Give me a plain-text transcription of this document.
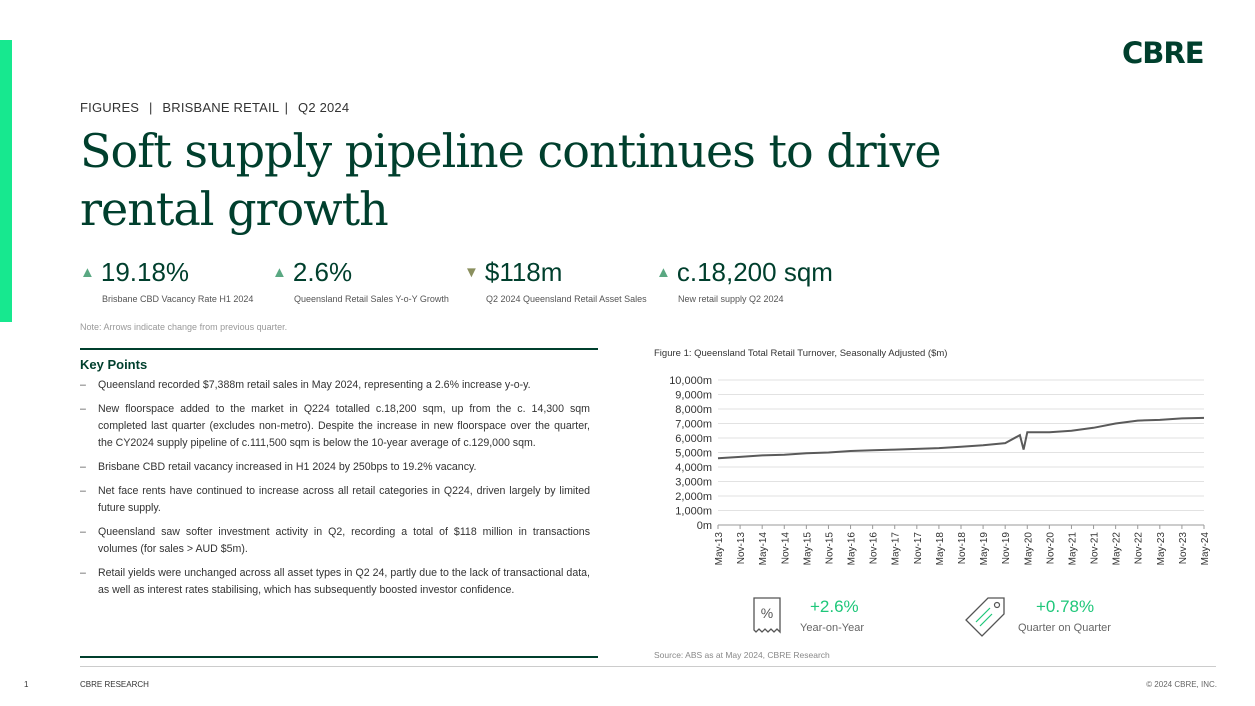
CBRE
FIGURES | BRISBANE RETAIL | Q2 2024
Soft supply pipeline continues to drive rental growth
▲ 19.18%
Brisbane CBD Vacancy Rate H1 2024
▲ 2.6%
Queensland Retail Sales Y-o-Y Growth
▼ $118m
Q2 2024 Queensland Retail Asset Sales
▲ c.18,200 sqm
New retail supply Q2 2024
Note: Arrows indicate change from previous quarter.
Key Points
– Queensland recorded $7,388m retail sales in May 2024, representing a 2.6% increase y-o-y.
– New floorspace added to the market in Q224 totalled c.18,200 sqm, up from the c. 14,300 sqm completed last quarter (excludes non-metro). Despite the increase in new floorspace over the quarter, the CY2024 supply pipeline of c.111,500 sqm is below the 10-year average of c.129,000 sqm.
– Brisbane CBD retail vacancy increased in H1 2024 by 250bps to 19.2% vacancy.
– Net face rents have continued to increase across all retail categories in Q224, driven largely by limited future supply.
– Queensland saw softer investment activity in Q2, recording a total of $118 million in transactions volumes (for sales > AUD $5m).
– Retail yields were unchanged across all asset types in Q2 24, partly due to the lack of transactional data, as well as interest rates stabilising, which has subsequently boosted investor confidence.
Figure 1: Queensland Total Retail Turnover, Seasonally Adjusted ($m)
0m
1,000m
2,000m
3,000m
4,000m
5,000m
6,000m
7,000m
8,000m
9,000m
10,000m
May-13 Nov-13 May-14 Nov-14 May-15 Nov-15 May-16 Nov-16 May-17 Nov-17 May-18 Nov-18 May-19 Nov-19 May-20 Nov-20 May-21 Nov-21 May-22 Nov-22 May-23 Nov-23 May-24
% +2.6%
Year-on-Year
+0.78%
Quarter on Quarter
Source: ABS as at May 2024, CBRE Research
1	CBRE RESEARCH	© 2024 CBRE, INC.
